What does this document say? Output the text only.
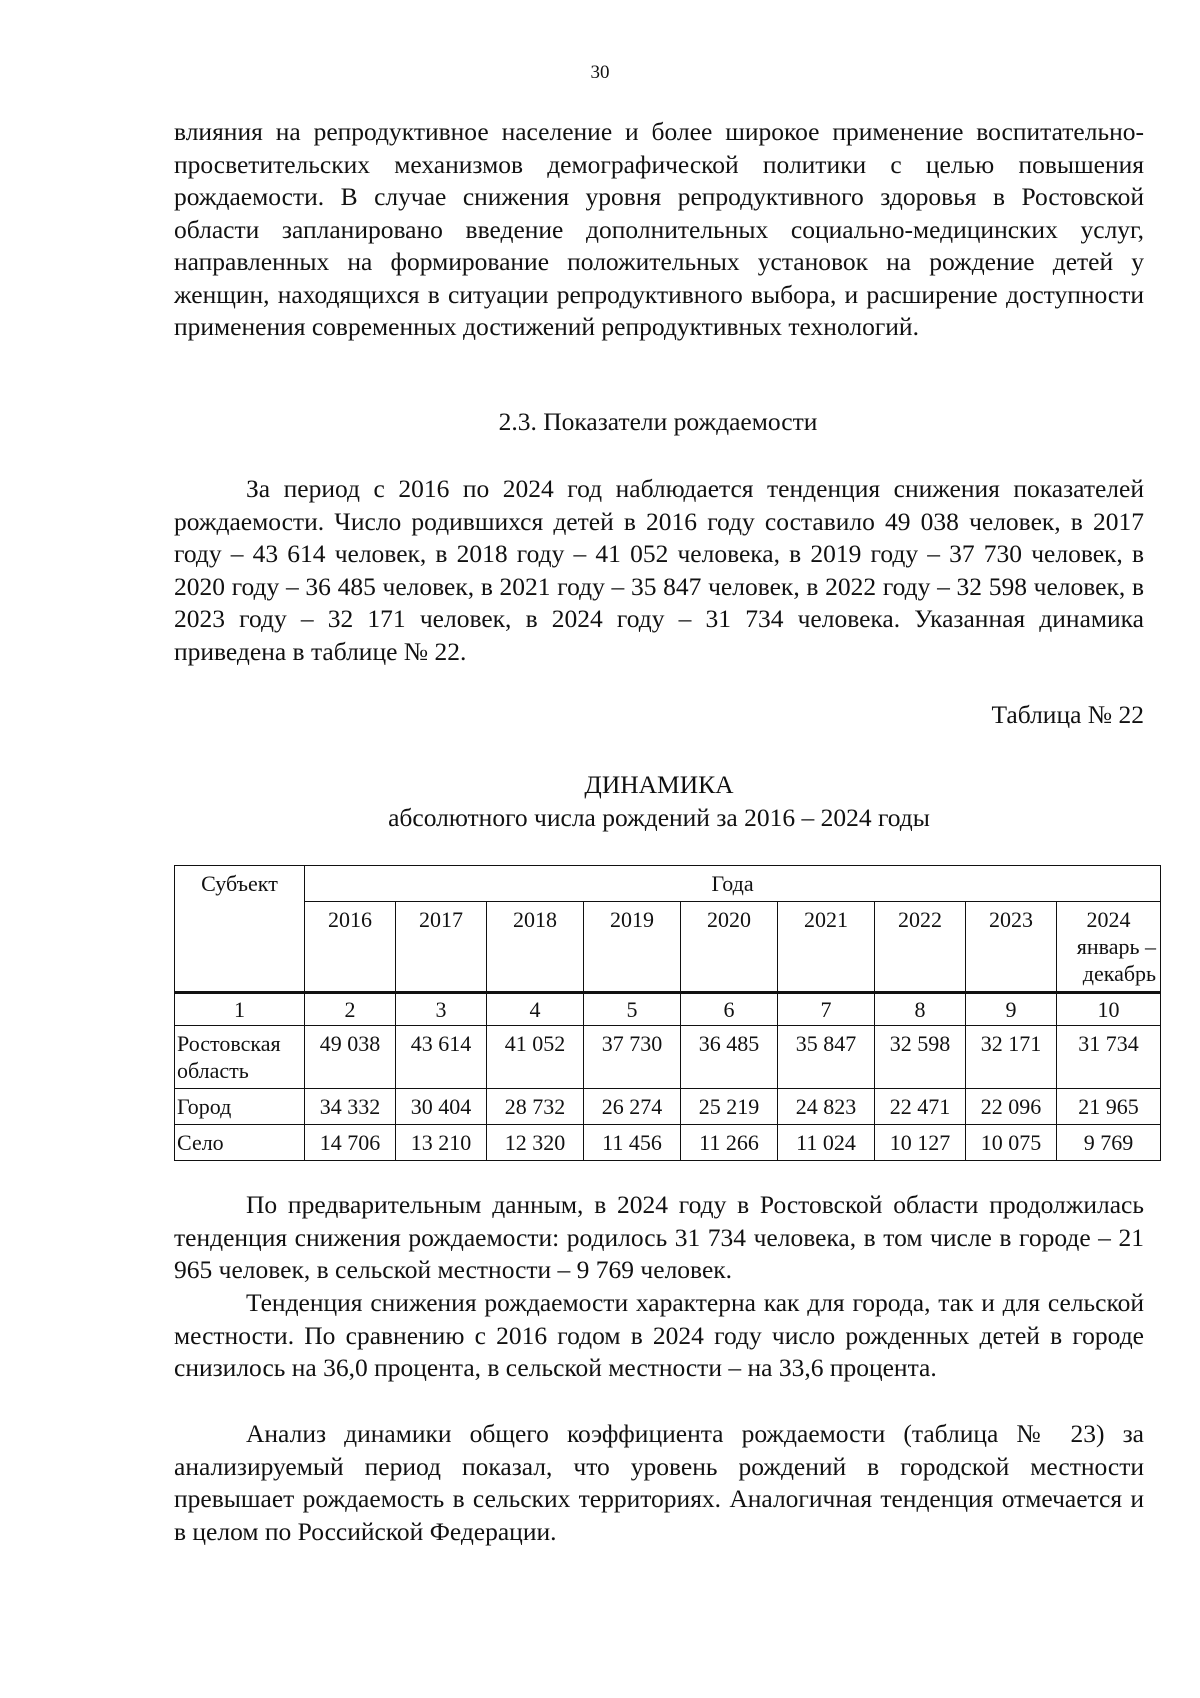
30

влияния на репродуктивное население и более широкое применение воспитательно-просветительских механизмов демографической политики с целью повышения рождаемости. В случае снижения уровня репродуктивного здоровья в Ростовской области запланировано введение дополнительных социально-медицинских услуг, направленных на формирование положительных установок на рождение детей у женщин, находящихся в ситуации репродуктивного выбора, и расширение доступности применения современных достижений репродуктивных технологий.

2.3. Показатели рождаемости

За период с 2016 по 2024 год наблюдается тенденция снижения показателей рождаемости. Число родившихся детей в 2016 году составило 49 038 человек, в 2017 году – 43 614 человек, в 2018 году – 41 052 человека, в 2019 году – 37 730 человек, в 2020 году – 36 485 человек, в 2021 году – 35 847 человек, в 2022 году – 32 598 человек, в 2023 году – 32 171 человек, в 2024 году – 31 734 человека. Указанная динамика приведена в таблице № 22.

Таблица № 22
ДИНАМИКА
абсолютного числа рождений за 2016 – 2024 годы
Субъект	Года								
	2016	2017	2018	2019	2020	2021	2022	2023	2024
январь –
декабрь

1	2	3	4	5	6	7	8	9	10
Ростовская область	49 038	43 614	41 052	37 730	36 485	35 847	32 598	32 171	31 734
Город	34 332	30 404	28 732	26 274	25 219	24 823	22 471	22 096	21 965
Село	14 706	13 210	12 320	11 456	11 266	11 024	10 127	10 075	9 769

По предварительным данным, в 2024 году в Ростовской области продолжилась тенденция снижения рождаемости: родилось 31 734 человека, в том числе в городе – 21 965 человек, в сельской местности – 9 769 человек.

Тенденция снижения рождаемости характерна как для города, так и для сельской местности. По сравнению с 2016 годом в 2024 году число рожденных детей в городе снизилось на 36,0 процента, в сельской местности – на 33,6 процента.

Анализ динамики общего коэффициента рождаемости (таблица № 23) за анализируемый период показал, что уровень рождений в городской местности превышает рождаемость в сельских территориях. Аналогичная тенденция отмечается и в целом по Российской Федерации.
